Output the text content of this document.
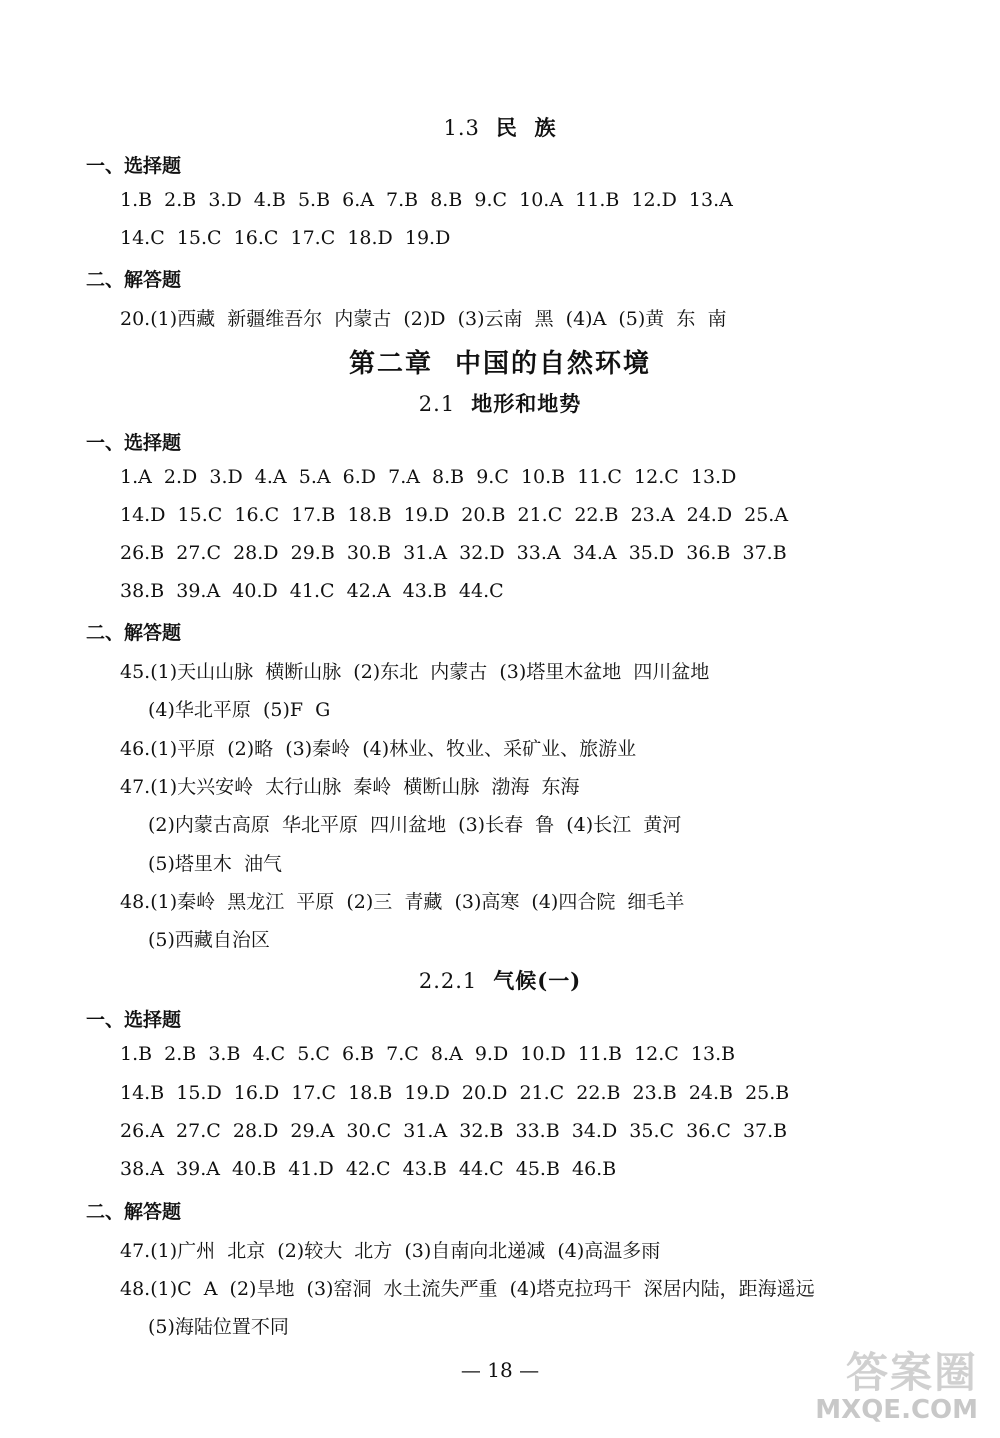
1.3 民  族
一、选择题
1.B  2.B  3.D  4.B  5.B  6.A  7.B  8.B  9.C  10.A  11.B  12.D  13.A
14.C  15.C  16.C  17.C  18.D  19.D
二、解答题
20.(1)西藏  新疆维吾尔  内蒙古  (2)D  (3)云南  黑  (4)A  (5)黄  东  南
第二章  中国的自然环境
2.1 地形和地势
一、选择题
1.A  2.D  3.D  4.A  5.A  6.D  7.A  8.B  9.C  10.B  11.C  12.C  13.D
14.D  15.C  16.C  17.B  18.B  19.D  20.B  21.C  22.B  23.A  24.D  25.A
26.B  27.C  28.D  29.B  30.B  31.A  32.D  33.A  34.A  35.D  36.B  37.B
38.B  39.A  40.D  41.C  42.A  43.B  44.C
二、解答题
45.(1)天山山脉  横断山脉  (2)东北  内蒙古  (3)塔里木盆地  四川盆地
(4)华北平原  (5)F  G
46.(1)平原  (2)略  (3)秦岭  (4)林业、牧业、采矿业、旅游业
47.(1)大兴安岭  太行山脉  秦岭  横断山脉  渤海  东海
(2)内蒙古高原  华北平原  四川盆地  (3)长春  鲁  (4)长江  黄河
(5)塔里木  油气
48.(1)秦岭  黑龙江  平原  (2)三  青藏  (3)高寒  (4)四合院  细毛羊
(5)西藏自治区
2.2.1 气候(一)
一、选择题
1.B  2.B  3.B  4.C  5.C  6.B  7.C  8.A  9.D  10.D  11.B  12.C  13.B
14.B  15.D  16.D  17.C  18.B  19.D  20.D  21.C  22.B  23.B  24.B  25.B
26.A  27.C  28.D  29.A  30.C  31.A  32.B  33.B  34.D  35.C  36.C  37.B
38.A  39.A  40.B  41.D  42.C  43.B  44.C  45.B  46.B
二、解答题
47.(1)广州  北京  (2)较大  北方  (3)自南向北递减  (4)高温多雨
48.(1)C  A  (2)旱地  (3)窑洞  水土流失严重  (4)塔克拉玛干  深居内陆，距海遥远
(5)海陆位置不同
— 18 —	答案圈
MXQE.COM
